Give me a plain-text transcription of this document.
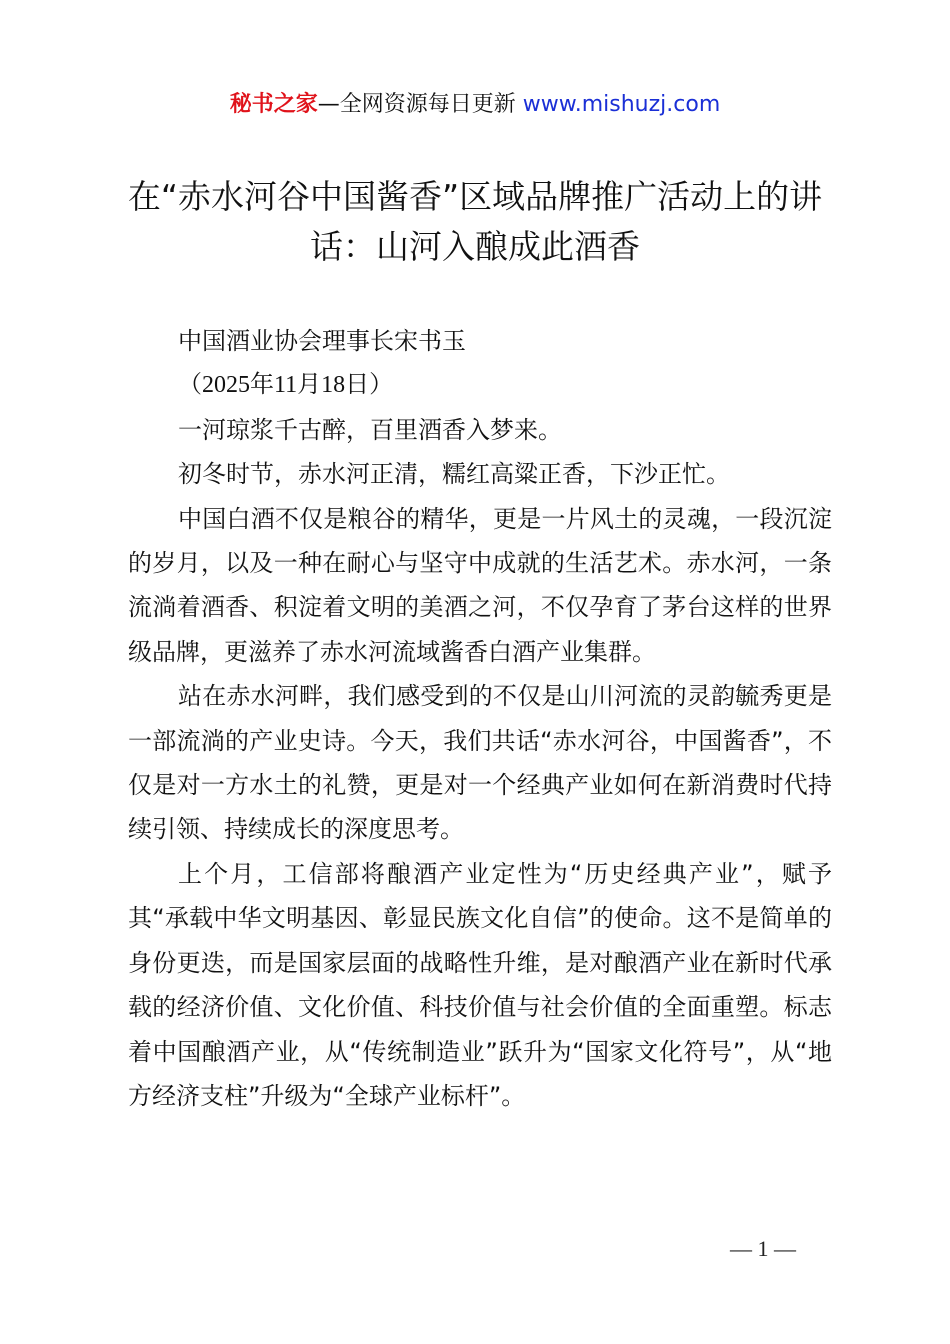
秘书之家—全网资源每日更新 www.mishuzj.com
在“赤水河谷中国酱香”区域品牌推广活动上的讲话：山河入酿成此酒香

中国酒业协会理事长宋书玉

（2025年11月18日）

一河琼浆千古醉，百里酒香入梦来。

初冬时节，赤水河正清，糯红高粱正香，下沙正忙。

中国白酒不仅是粮谷的精华，更是一片风土的灵魂，一段沉淀的岁月，以及一种在耐心与坚守中成就的生活艺术。赤水河，一条流淌着酒香、积淀着文明的美酒之河，不仅孕育了茅台这样的世界级品牌，更滋养了赤水河流域酱香白酒产业集群。

站在赤水河畔，我们感受到的不仅是山川河流的灵韵毓秀更是一部流淌的产业史诗。今天，我们共话“赤水河谷，中国酱香”，不仅是对一方水土的礼赞，更是对一个经典产业如何在新消费时代持续引领、持续成长的深度思考。

上个月，工信部将酿酒产业定性为“历史经典产业”，赋予其“承载中华文明基因、彰显民族文化自信”的使命。这不是简单的身份更迭，而是国家层面的战略性升维，是对酿酒产业在新时代承载的经济价值、文化价值、科技价值与社会价值的全面重塑。标志着中国酿酒产业，从“传统制造业”跃升为“国家文化符号”，从“地方经济支柱”升级为“全球产业标杆”。

— 1 —
